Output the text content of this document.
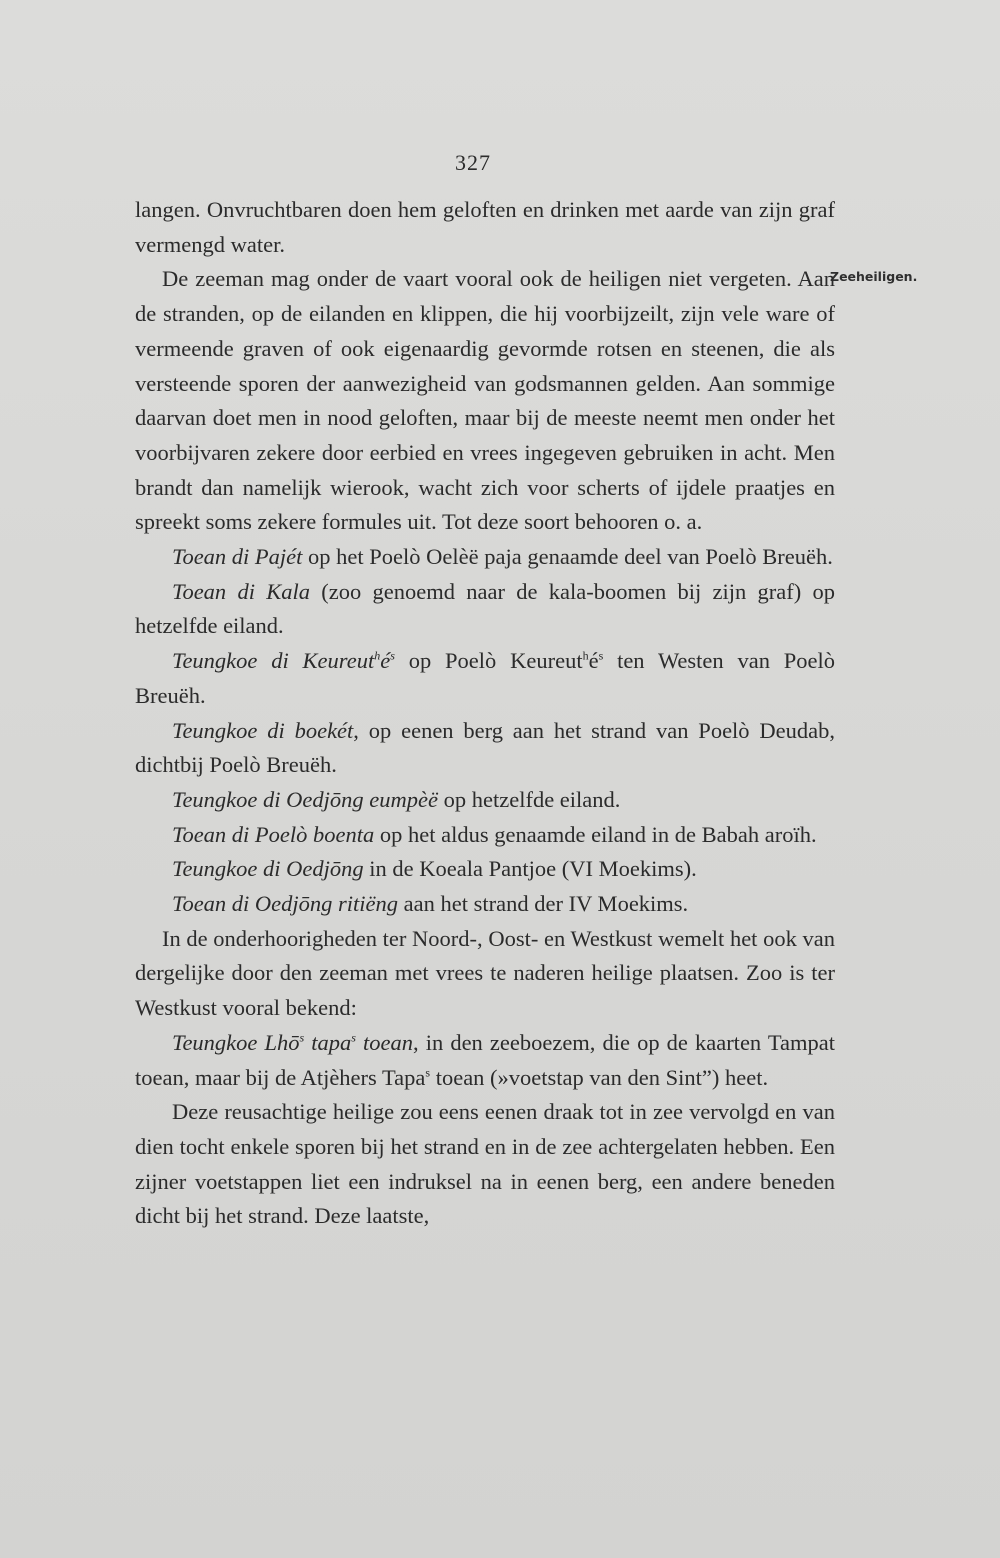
327
Zeeheiligen.

langen. Onvruchtbaren doen hem geloften en drinken met aarde van zijn graf vermengd water.

De zeeman mag onder de vaart vooral ook de heiligen niet vergeten. Aan de stranden, op de eilanden en klippen, die hij voorbijzeilt, zijn vele ware of vermeende graven of ook eigenaardig gevormde rotsen en steenen, die als versteende sporen der aanwezigheid van godsmannen gelden. Aan sommige daarvan doet men in nood geloften, maar bij de meeste neemt men onder het voorbijvaren zekere door eerbied en vrees ingegeven gebruiken in acht. Men brandt dan namelijk wierook, wacht zich voor scherts of ijdele praatjes en spreekt soms zekere formules uit. Tot deze soort behooren o. a.

Toean di Pajét op het Poelò Oelèë paja genaamde deel van Poelò Breuëh.

Toean di Kala (zoo genoemd naar de kala-boomen bij zijn graf) op hetzelfde eiland.

Teungkoe di $Keureut^hé^s$ op Poelò $Keureut^hé^s$ ten Westen van Poelò Breuëh.

Teungkoe di boekét, op eenen berg aan het strand van Poelò Deudab, dichtbij Poelò Breuëh.

Teungkoe di Oedjōng eumpèë op hetzelfde eiland.

Toean di Poelò boenta op het aldus genaamde eiland in de Babah aroïh.

Teungkoe di Oedjōng in de Koeala Pantjoe (VI Moekims).

Toean di Oedjōng ritiëng aan het strand der IV Moekims.

In de onderhoorigheden ter Noord-, Oost- en Westkust wemelt het ook van dergelijke door den zeeman met vrees te naderen heilige plaatsen. Zoo is ter Westkust vooral bekend:

Teungkoe Lhō$^s$ tapa$^s$ toean, in den zeeboezem, die op de kaarten Tampat toean, maar bij de Atjèhers Tapa$^s$ toean (»voetstap van den Sint”) heet.

Deze reusachtige heilige zou eens eenen draak tot in zee vervolgd en van dien tocht enkele sporen bij het strand en in de zee achtergelaten hebben. Een zijner voetstappen liet een indruksel na in eenen berg, een andere beneden dicht bij het strand. Deze laatste,
